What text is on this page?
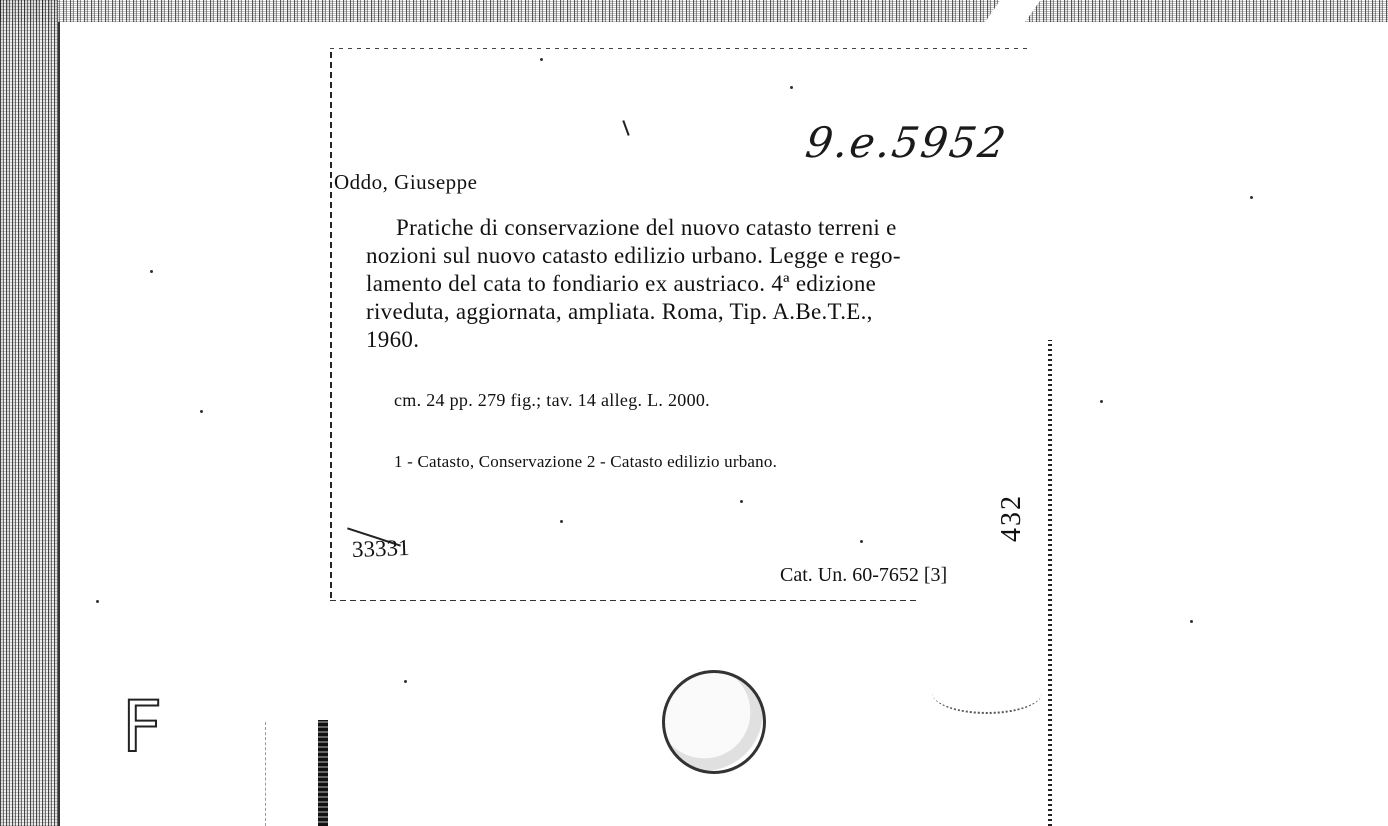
9.e.5952
Oddo, Giuseppe
Pratiche di conservazione del nuovo catasto terreni e
nozioni sul nuovo catasto edilizio urbano. Legge e rego-
lamento del cata to fondiario ex austriaco. 4ª edizione
riveduta, aggiornata, ampliata. Roma, Tip. A.Be.T.E.,
1960.
cm. 24 pp. 279 fig.; tav. 14 alleg. L. 2000.
1 - Catasto, Conservazione 2 - Catasto edilizio urbano.
33331
Cat. Un. 60-7652 [3]
432
F
